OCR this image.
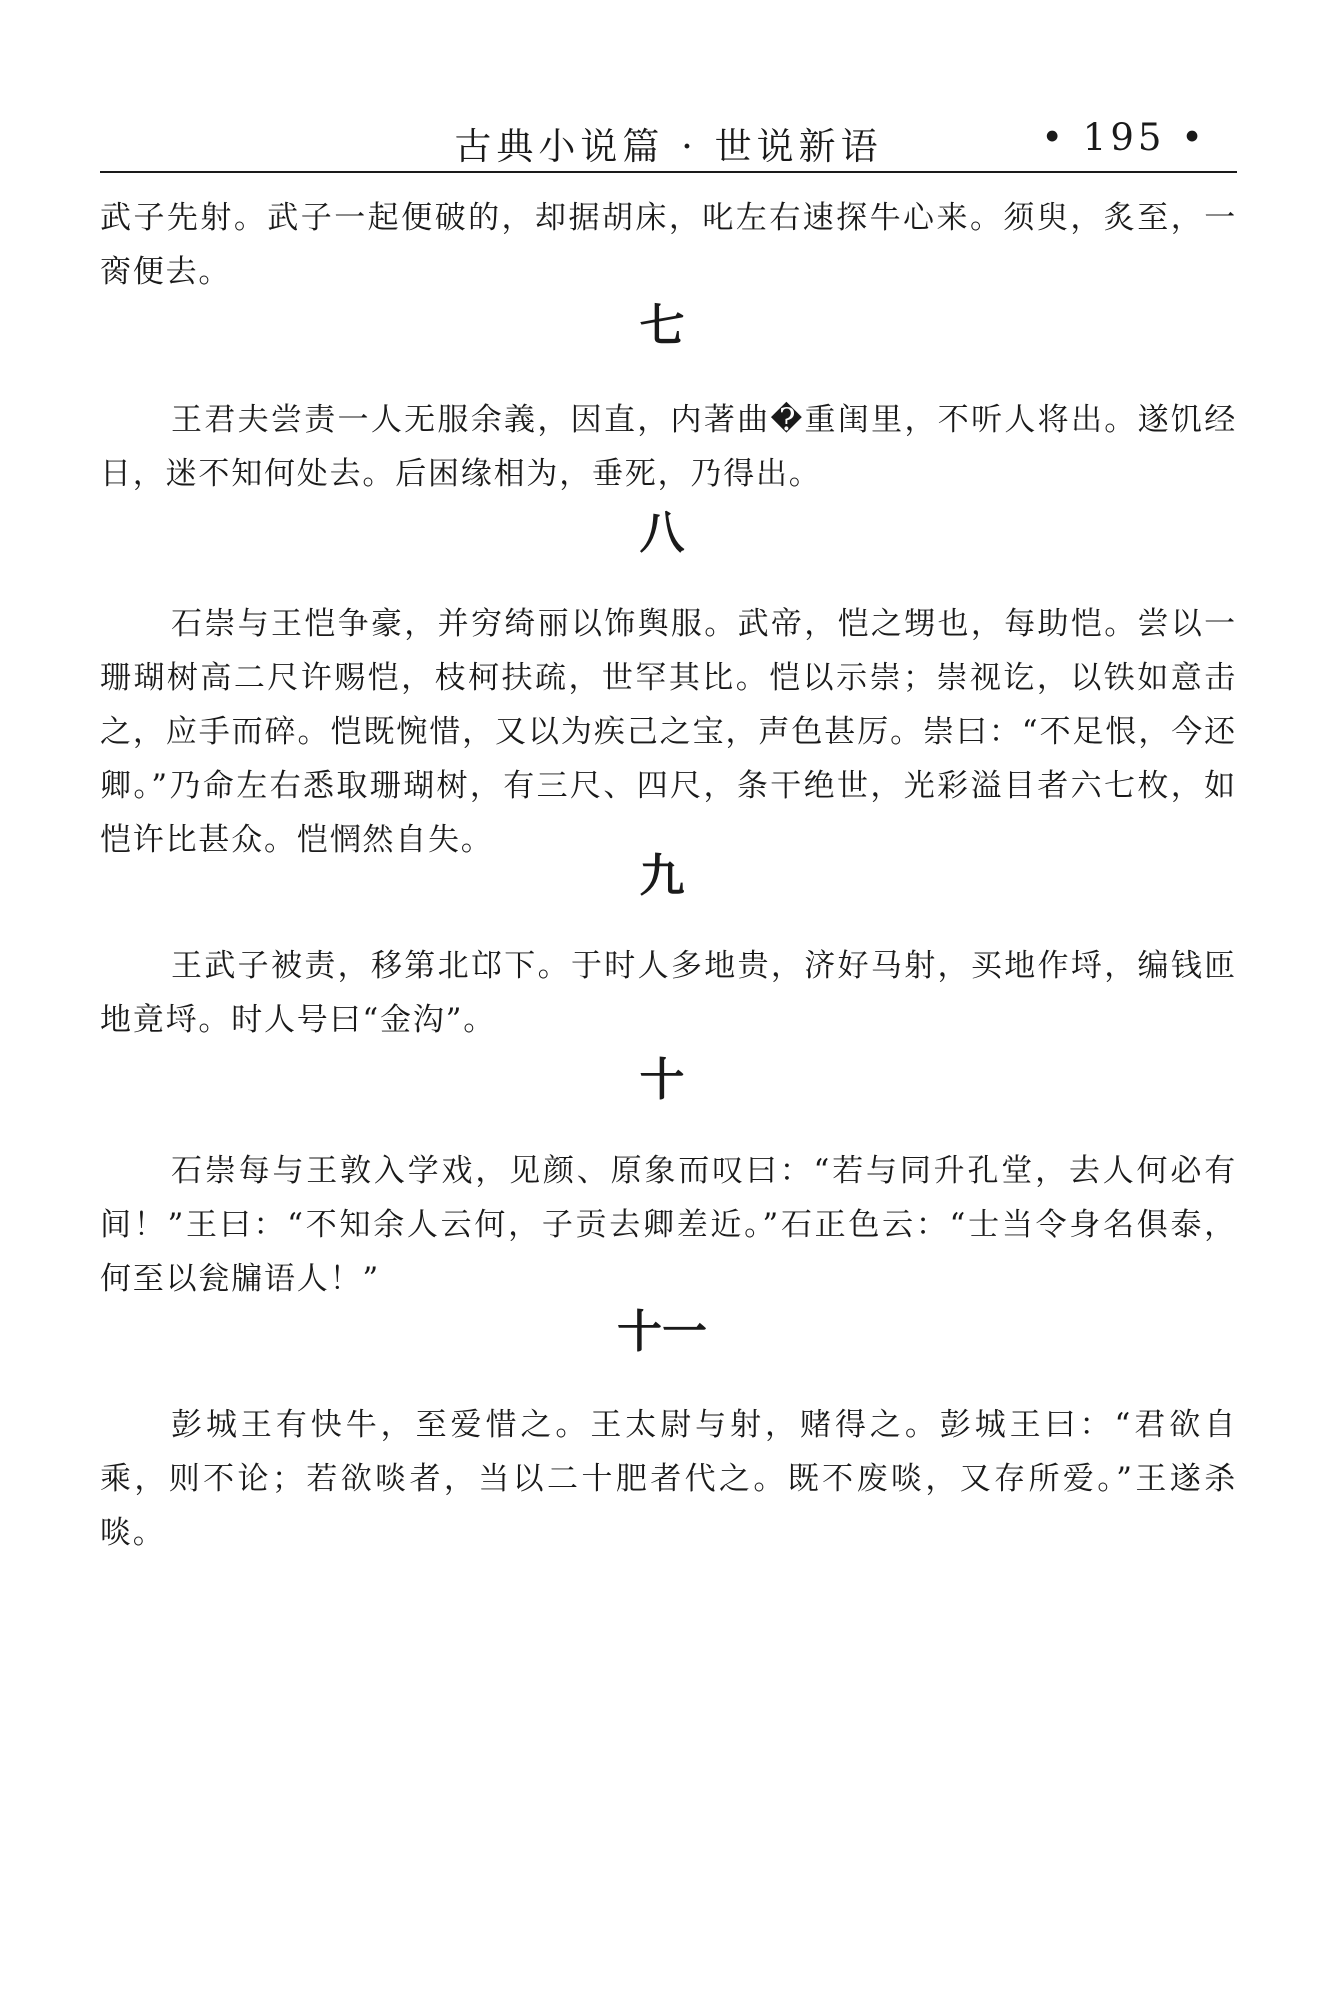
古典小说篇 · 世说新语	• 195 •

武子先射。武子一起便破的，却据胡床，叱左右速探牛心来。须臾，炙至，一脔便去。

七

王君夫尝责一人无服余義，因直，内著曲�重闺里，不听人将出。遂饥经日，迷不知何处去。后困缘相为，垂死，乃得出。

八

石崇与王恺争豪，并穷绮丽以饰舆服。武帝，恺之甥也，每助恺。尝以一珊瑚树高二尺许赐恺，枝柯扶疏，世罕其比。恺以示崇；崇视讫，以铁如意击之，应手而碎。恺既惋惜，又以为疾己之宝，声色甚厉。崇曰：“不足恨，今还卿。”乃命左右悉取珊瑚树，有三尺、四尺，条干绝世，光彩溢目者六七枚，如恺许比甚众。恺惘然自失。

九

王武子被责，移第北邙下。于时人多地贵，济好马射，买地作埒，编钱匝地竟埒。时人号曰“金沟”。

十

石崇每与王敦入学戏，见颜、原象而叹曰：“若与同升孔堂，去人何必有间！”王曰：“不知余人云何，子贡去卿差近。”石正色云：“士当令身名俱泰，何至以瓮牖语人！”

十一

彭城王有快牛，至爱惜之。王太尉与射，赌得之。彭城王曰：“君欲自乘，则不论；若欲啖者，当以二十肥者代之。既不废啖，又存所爱。”王遂杀啖。
